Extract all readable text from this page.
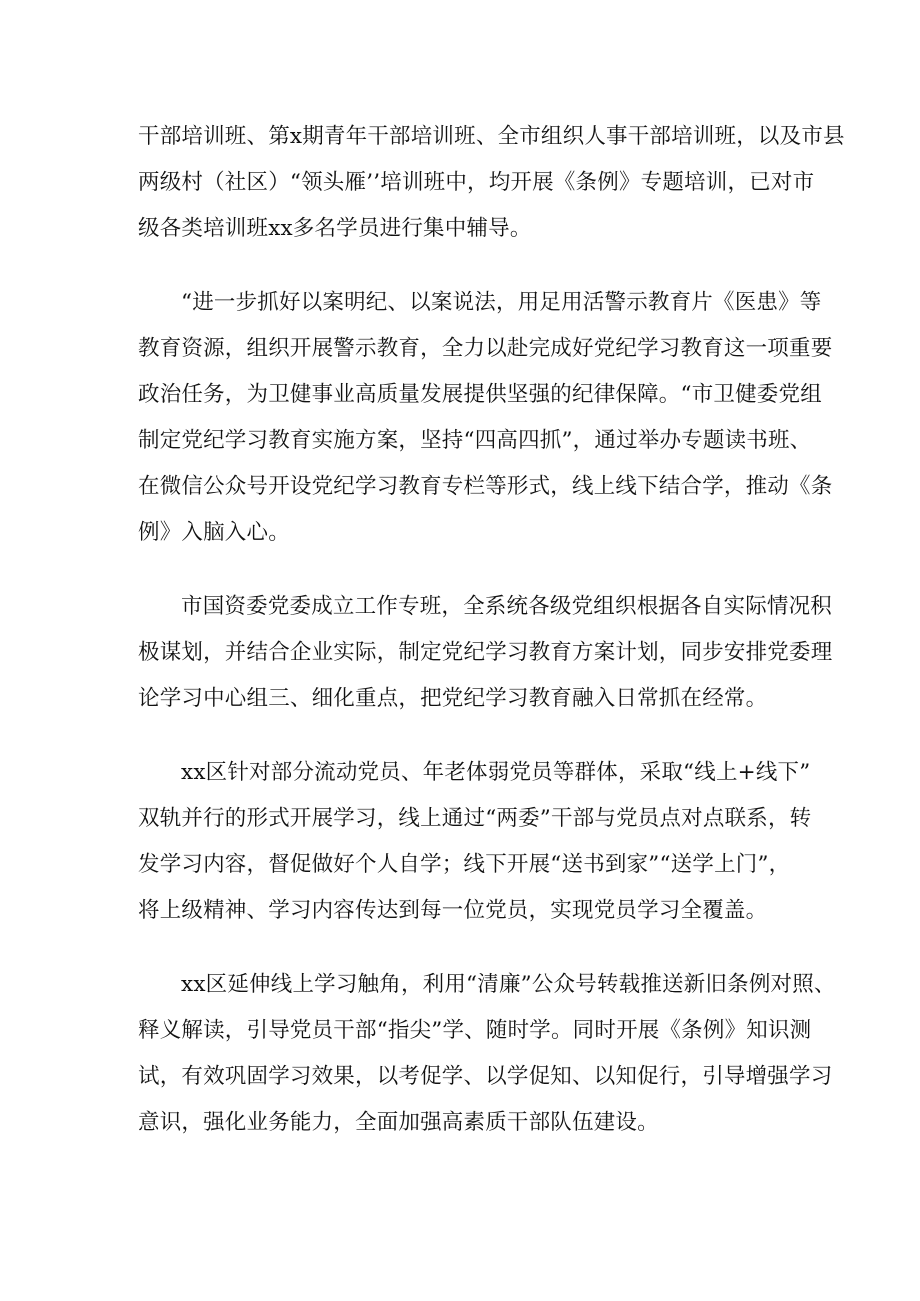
干部培训班、第x期青年干部培训班、全市组织人事干部培训班，以及市县
两级村（社区）“领头雁’’培训班中，均开展《条例》专题培训，已对市
级各类培训班xx多名学员进行集中辅导。

“进一步抓好以案明纪、以案说法，用足用活警示教育片《医患》等
教育资源，组织开展警示教育，全力以赴完成好党纪学习教育这一项重要
政治任务，为卫健事业高质量发展提供坚强的纪律保障。“市卫健委党组
制定党纪学习教育实施方案，坚持“四高四抓”，通过举办专题读书班、
在微信公众号开设党纪学习教育专栏等形式，线上线下结合学，推动《条
例》入脑入心。

市国资委党委成立工作专班，全系统各级党组织根据各自实际情况积
极谋划，并结合企业实际，制定党纪学习教育方案计划，同步安排党委理
论学习中心组三、细化重点，把党纪学习教育融入日常抓在经常。

xx区针对部分流动党员、年老体弱党员等群体，采取“线上+线下”
双轨并行的形式开展学习，线上通过“两委”干部与党员点对点联系，转
发学习内容，督促做好个人自学；线下开展“送书到家”“送学上门”，
将上级精神、学习内容传达到每一位党员，实现党员学习全覆盖。

xx区延伸线上学习触角，利用“清廉”公众号转载推送新旧条例对照、
释义解读，引导党员干部“指尖”学、随时学。同时开展《条例》知识测
试，有效巩固学习效果，以考促学、以学促知、以知促行，引导增强学习
意识，强化业务能力，全面加强高素质干部队伍建设。
